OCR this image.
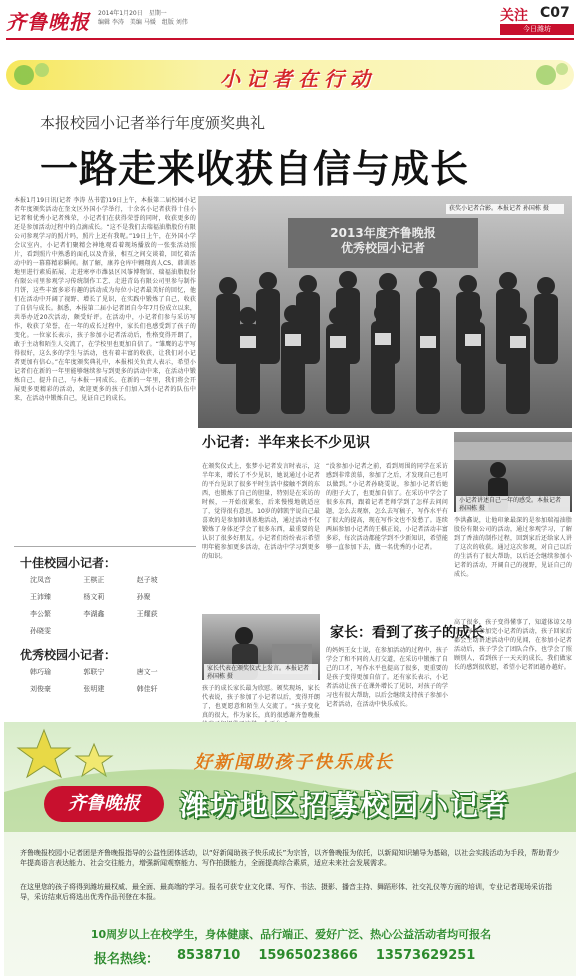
齐鲁晚报	2014年1月20日　星期一
编辑 李涛　美编 马媛　组版 刘伟	关注 C07
今日潍坊
小记者在行动
本报校园小记者举行年度颁奖典礼
一路走来收获自信与成长
本报1月19日讯(记者 李涛 丛书蕾)19日上午，本报第二届校园小记者年度颁奖活动在奎文区外国小学举行，十余名小记者获得十佳小记者和优秀小记者殊荣，小记者们在获得荣誉的同时，收获更多的还是参加活动过程中的点滴成长。“这不是我们去瑞福油脂股份有限公司参观学习的照片吗，照片上还有我呢。”19日上午，在外国小学会议室内，小记者们聚精会神地观看着现场播放的一张张活动照片，看到照片中熟悉的面孔以及背景，相互之间交谈着，回忆着活动中的一幕幕精彩瞬间。据了解，康养仓库中翱翔真人CS、韩训基地里进行素质拓展、走进寒亭市潍县区风筝博物馆、瑞福油脂股份有限公司里参观学习传统制作工艺、走进青岛有限公司里参与制作月饼，这些丰富多彩有趣的活动成为每位小记者最美好的回忆，他们在活动中开阔了视野、增长了见识，在实践中锻炼了自己，收获了自信与成长。据悉，本报第二届小记者团自今年7月份成立以来，共举办近20次活动，颇受好评。在活动中，小记者们参与采访写作，收获了荣誉，在一年的成长过程中，家长们也感受到了孩子的变化。一位家长表示，孩子参加小记者活动后，性格变得开朗了，敢于主动和陌生人交流了，在学校里也更加自信了。“雏鹰的志宇写得很好，这么多的学生与活动，也有着丰富的收获，让我们对小记者更加有信心。”在年度颁奖典礼中，本报相关负责人表示，希望小记者们在新的一年里能够继续参与到更多的活动中来，在活动中锻炼自己、提升自己，与本报一同成长。在新的一年里，我们将会开展更多更精彩的活动，欢迎更多的孩子们加入到小记者的队伍中来，在活动中锻炼自己，见证自己的成长。
2013年度齐鲁晚报
优秀校园小记者
获奖小记者合影。本报记者 孙国栋 摄
十佳校园小记者：
沈凤音	王棋正	赵子坡
王沛臻	杨文莉	孙聚
李公繁	李湖鑫	王耀荻
孙晓雯
优秀校园小记者：
韩巧瑜	郭联宁	唐文一
刘俊豪	张明建	韩佳轩
小记者：半年来长不少见识
小记者讲述自己一年的感受。本报记者 孙国栋 摄
在颁奖仪式上，张梦小记者发言时表示，这半年来，增长了不少见识，她说通过小记者的平台见识了很多平时生活中接触不到的东西，也锻炼了自己的胆量，特别是在采访的时候，一开始很紧张，后来慢慢地就适应了，觉得很有意思。10岁的韩凯宇说自己最喜欢的是参加韩训基地活动，通过活动不仅锻炼了身体还学会了很多东西，最重要的是认识了很多好朋友。小记者们纷纷表示希望明年能参加更多活动，在活动中学习到更多的知识。
“没参加小记者之前，看到周围的同学在采访感到非常羡慕，参加了之后，才发现自己也可以做到。”小记者孙晓雯说，参加小记者后她的胆子大了，也更加自信了。在采访中学会了很多东西，跟着记者老师学到了怎样去问问题，怎么去观察，怎么去写稿子，写作水平有了很大的提高，现在写作文也不发愁了。连续两届参加小记者的王棋正说，小记者活动丰富多彩，每次活动都能学到不少新知识，希望能够一直参加下去，做一名优秀的小记者。
李洪鑫说，让他印象最深的是参加瑞福油脂股份有限公司的活动，通过参观学习，了解到了香油的制作过程，回到家后还给家人讲了这次的收获。通过这次参观，对自己以后的生活有了很大帮助，以后还会继续参加小记者的活动，开阔自己的视野，见证自己的成长。
家长代表在颁奖仪式上发言。本报记者 孙国栋 摄
家长：看到了孩子的成长
孩子的成长家长最为欣慰。颁奖现场，家长代表说，孩子参加了小记者以后，变得开朗了，也更愿意和陌生人交流了。“孩子变化真的很大，作为家长，真的很感谢齐鲁晚报
的妈妈王女士说，在参加活动的过程中，孩子学会了和不同的人打交道，在采访中锻炼了自己的口才，写作水平也提高了很多，更重要的是孩子变得更加自信了。还有家长表示，小记者活动让孩子在课外增长了见识，对孩子的学习也有很大帮助，以后会继续支持孩子参加小记者活动，在活动中快乐成长。
高了很多，孩子变得懂事了，知道体谅父母了。每次参加完小记者的活动，孩子回家后都会主动讲述活动中的见闻，在参加小记者活动后，孩子学会了团队合作，也学会了照顾别人，看到孩子一天天的成长，我们做家长的感到很欣慰，希望小记者团越办越好。
好新闻助孩子快乐成长
齐鲁晚报	潍坊地区招募校园小记者
齐鲁晚报校园小记者团是齐鲁晚报指导的公益性团体活动，以“好新闻助孩子快乐成长”为宗旨，以齐鲁晚报为依托，以新闻知识辅导为基础，以社会实践活动为手段，帮助青少年提高语言表达能力、社会交往能力，增强新闻观察能力、写作拍摄能力，全面提高综合素质，适应未来社会发展需求。
在这里您的孩子将得到潍坊最权威、最全面、最高端的学习。报名可获专业文化课、写作、书法、摄影、播音主持、舞蹈形体、社交礼仪等方面的培训，专业记者现场采访指导，采访结束后将选出优秀作品刊登在本报。
10周岁以上在校学生，身体健康、品行端正、爱好广泛、热心公益活动者均可报名
报名热线： 8538710 15965023866 13573629251
